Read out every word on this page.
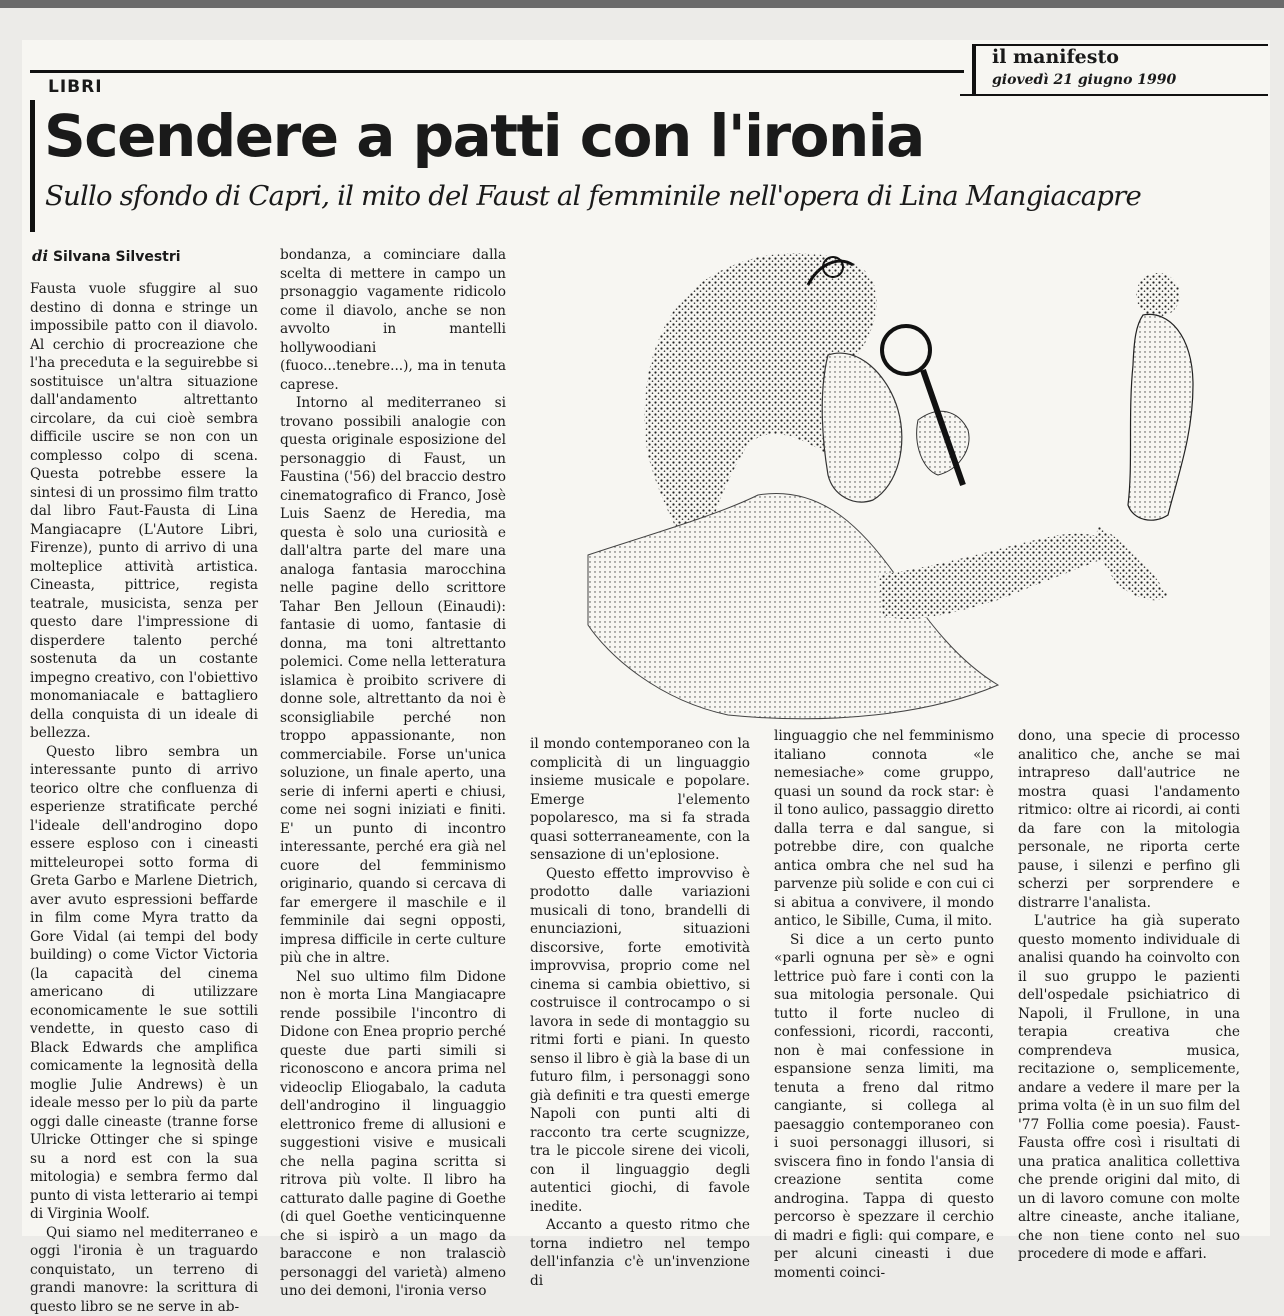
il manifesto
giovedì 21 giugno 1990
LIBRI
Scendere a patti con l'ironia
Sullo sfondo di Capri, il mito del Faust al femminile nell'opera di Lina Mangiacapre
di Silvana Silvestri

Fausta vuole sfuggire al suo destino di donna e stringe un impossibile patto con il diavolo. Al cerchio di procreazione che l'ha preceduta e la seguirebbe si sostituisce un'altra situazione dall'andamento altrettanto circolare, da cui cioè sembra difficile uscire se non con un complesso colpo di scena. Questa potrebbe essere la sintesi di un prossimo film tratto dal libro Faut-Fausta di Lina Mangiacapre (L'Autore Libri, Firenze), punto di arrivo di una molteplice attività artistica. Cineasta, pittrice, regista teatrale, musicista, senza per questo dare l'impressione di disperdere talento perché sostenuta da un costante impegno creativo, con l'obiettivo monomaniacale e battagliero della conquista di un ideale di bellezza.

Questo libro sembra un interessante punto di arrivo teorico oltre che confluenza di esperienze stratificate perché l'ideale dell'androgino dopo essere esploso con i cineasti mitteleuropei sotto forma di Greta Garbo e Marlene Dietrich, aver avuto espressioni beffarde in film come Myra tratto da Gore Vidal (ai tempi del body building) o come Victor Victoria (la capacità del cinema americano di utilizzare economicamente le sue sottili vendette, in questo caso di Black Edwards che amplifica comicamente la legnosità della moglie Julie Andrews) è un ideale messo per lo più da parte oggi dalle cineaste (tranne forse Ulricke Ottinger che si spinge su a nord est con la sua mitologia) e sembra fermo dal punto di vista letterario ai tempi di Virginia Woolf.

Qui siamo nel mediterraneo e oggi l'ironia è un traguardo conquistato, un terreno di grandi manovre: la scrittura di questo libro se ne serve in ab-

bondanza, a cominciare dalla scelta di mettere in campo un prsonaggio vagamente ridicolo come il diavolo, anche se non avvolto in mantelli hollywoodiani (fuoco...tenebre...), ma in tenuta caprese.

Intorno al mediterraneo si trovano possibili analogie con questa originale esposizione del personaggio di Faust, un Faustina ('56) del braccio destro cinematografico di Franco, Josè Luis Saenz de Heredia, ma questa è solo una curiosità e dall'altra parte del mare una analoga fantasia marocchina nelle pagine dello scrittore Tahar Ben Jelloun (Einaudi): fantasie di uomo, fantasie di donna, ma toni altrettanto polemici. Come nella letteratura islamica è proibito scrivere di donne sole, altrettanto da noi è sconsigliabile perché non troppo appassionante, non commerciabile. Forse un'unica soluzione, un finale aperto, una serie di inferni aperti e chiusi, come nei sogni iniziati e finiti. E' un punto di incontro interessante, perché era già nel cuore del femminismo originario, quando si cercava di far emergere il maschile e il femminile dai segni opposti, impresa difficile in certe culture più che in altre.

Nel suo ultimo film Didone non è morta Lina Mangiacapre rende possibile l'incontro di Didone con Enea proprio perché queste due parti simili si riconoscono e ancora prima nel videoclip Eliogabalo, la caduta dell'androgino il linguaggio elettronico freme di allusioni e suggestioni visive e musicali che nella pagina scritta si ritrova più volte. Il libro ha catturato dalle pagine di Goethe (di quel Goethe venticinquenne che si ispirò a un mago da baraccone e non tralasciò personaggi del varietà) almeno uno dei demoni, l'ironia verso

il mondo contemporaneo con la complicità di un linguaggio insieme musicale e popolare. Emerge l'elemento popolaresco, ma si fa strada quasi sotterraneamente, con la sensazione di un'eplosione.

Questo effetto improvviso è prodotto dalle variazioni musicali di tono, brandelli di enunciazioni, situazioni discorsive, forte emotività improvvisa, proprio come nel cinema si cambia obiettivo, si costruisce il controcampo o si lavora in sede di montaggio su ritmi forti e piani. In questo senso il libro è già la base di un futuro film, i personaggi sono già definiti e tra questi emerge Napoli con punti alti di racconto tra certe scugnizze, tra le piccole sirene dei vicoli, con il linguaggio degli autentici giochi, di favole inedite.

Accanto a questo ritmo che torna indietro nel tempo dell'infanzia c'è un'invenzione di

linguaggio che nel femminismo italiano connota «le nemesiache» come gruppo, quasi un sound da rock star: è il tono aulico, passaggio diretto dalla terra e dal sangue, si potrebbe dire, con qualche antica ombra che nel sud ha parvenze più solide e con cui ci si abitua a convivere, il mondo antico, le Sibille, Cuma, il mito.

Si dice a un certo punto «parli ognuna per sè» e ogni lettrice può fare i conti con la sua mitologia personale. Qui tutto il forte nucleo di confessioni, ricordi, racconti, non è mai confessione in espansione senza limiti, ma tenuta a freno dal ritmo cangiante, si collega al paesaggio contemporaneo con i suoi personaggi illusori, si sviscera fino in fondo l'ansia di creazione sentita come androgina. Tappa di questo percorso è spezzare il cerchio di madri e figli: qui compare, e per alcuni cineasti i due momenti coinci-

dono, una specie di processo analitico che, anche se mai intrapreso dall'autrice ne mostra quasi l'andamento ritmico: oltre ai ricordi, ai conti da fare con la mitologia personale, ne riporta certe pause, i silenzi e perfino gli scherzi per sorprendere e distrarre l'analista.

L'autrice ha già superato questo momento individuale di analisi quando ha coinvolto con il suo gruppo le pazienti dell'ospedale psichiatrico di Napoli, il Frullone, in una terapia creativa che comprendeva musica, recitazione o, semplicemente, andare a vedere il mare per la prima volta (è in un suo film del '77 Follia come poesia). Faust-Fausta offre così i risultati di una pratica analitica collettiva che prende origini dal mito, di un di lavoro comune con molte altre cineaste, anche italiane, che non tiene conto nel suo procedere di mode e affari.
